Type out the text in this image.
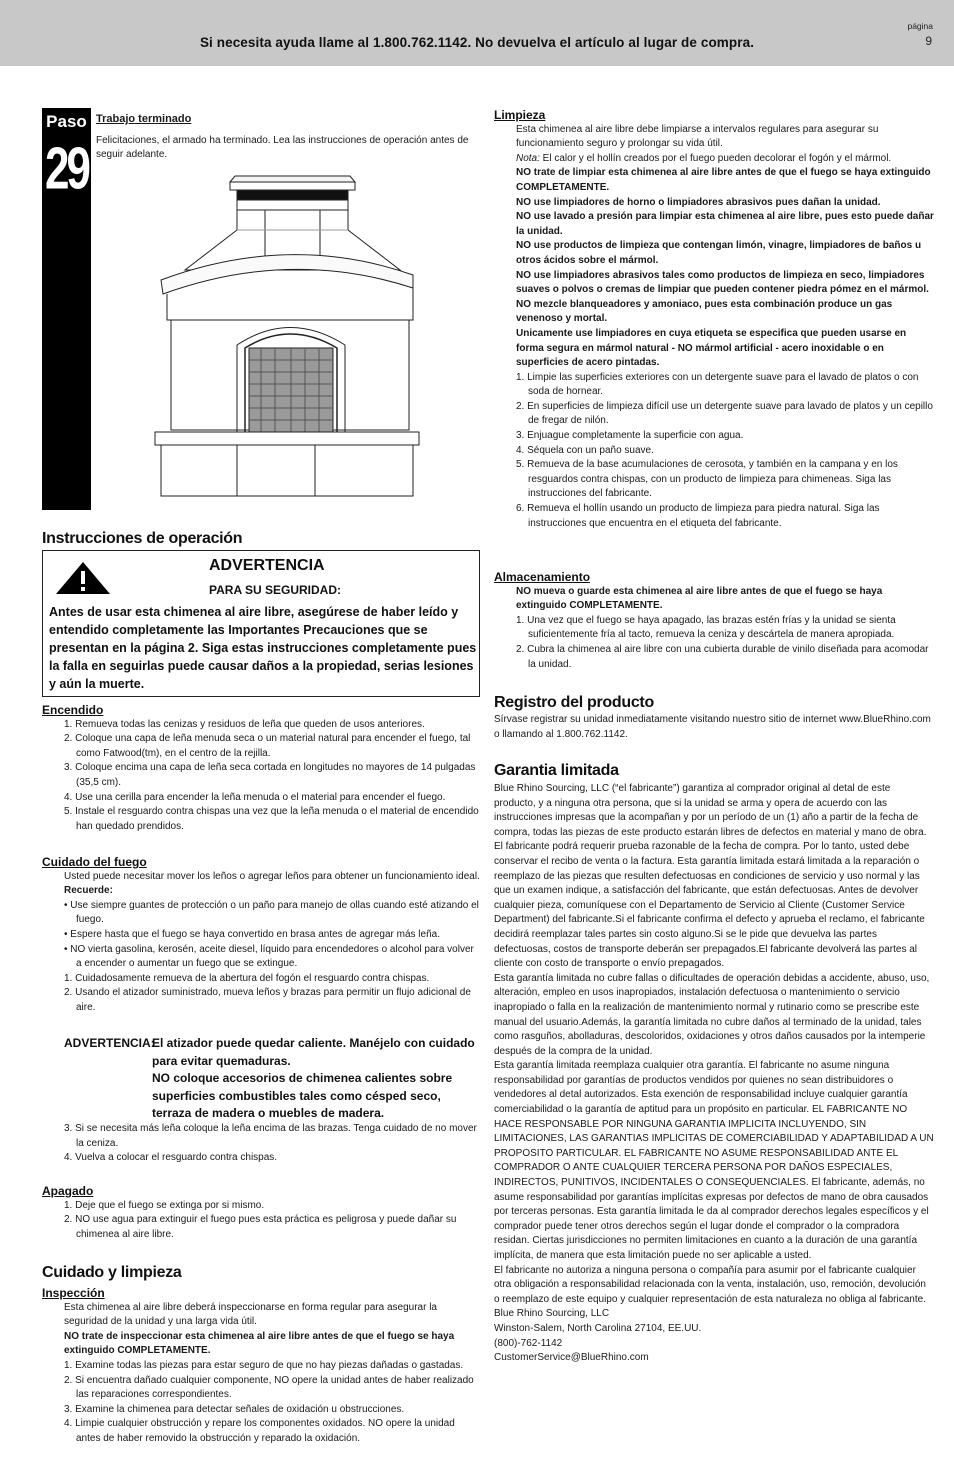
Si necesita ayuda llame al 1.800.762.1142. No devuelva el artículo al lugar de compra.
página
9
Paso
29
Trabajo terminado
Felicitaciones, el armado ha terminado. Lea las instrucciones de operación antes de seguir adelante.
Instrucciones de operación
ADVERTENCIA
PARA SU SEGURIDAD:
Antes de usar esta chimenea al aire libre, asegúrese de haber leído y entendido completamente las Importantes Precauciones que se presentan en la página 2. Siga estas instrucciones completamente pues la falla en seguirlas puede causar daños a la propiedad, serias lesiones y aún la muerte.
Encendido
1. Remueva todas las cenizas y residuos de leña que queden de usos anteriores.
2. Coloque una capa de leña menuda seca o un material natural para encender el fuego, tal como Fatwood(tm), en el centro de la rejilla.
3. Coloque encima una capa de leña seca cortada en longitudes no mayores de 14 pulgadas (35,5 cm).
4. Use una cerilla para encender la leña menuda o el material para encender el fuego.
5. Instale el resguardo contra chispas una vez que la leña menuda o el material de encendido han quedado prendidos.
Cuidado del fuego
Usted puede necesitar mover los leños o agregar leños para obtener un funcionamiento ideal.
Recuerde:
• Use siempre guantes de protección o un paño para manejo de ollas cuando esté atizando el fuego.
• Espere hasta que el fuego se haya convertido en brasa antes de agregar más leña.
• NO vierta gasolina, kerosén, aceite diesel, líquido para encendedores o alcohol para volver a encender o aumentar un fuego que se extingue.
1. Cuidadosamente remueva de la abertura del fogón el resguardo contra chispas.
2. Usando el atizador suministrado, mueva leños y brazas para permitir un flujo adicional de aire.
ADVERTENCIA:
El atizador puede quedar caliente. Manéjelo con cuidado
para evitar quemaduras.
NO coloque accesorios de chimenea calientes sobre
superficies combustibles tales como césped seco,
terraza de madera o muebles de madera.
3. Si se necesita más leña coloque la leña encima de las brazas. Tenga cuidado de no mover la ceniza.
4. Vuelva a colocar el resguardo contra chispas.
Apagado
1. Deje que el fuego se extinga por si mismo.
2. NO use agua para extinguir el fuego pues esta práctica es peligrosa y puede dañar su chimenea al aire libre.
Cuidado y limpieza
Inspección
Esta chimenea al aire libre deberá inspeccionarse en forma regular para asegurar la seguridad de la unidad y una larga vida útil.
NO trate de inspeccionar esta chimenea al aire libre antes de que el fuego se haya extinguido COMPLETAMENTE.
1. Examine todas las piezas para estar seguro de que no hay piezas dañadas o gastadas.
2. Si encuentra dañado cualquier componente, NO opere la unidad antes de haber realizado las reparaciones correspondientes.
3. Examine la chimenea para detectar señales de oxidación u obstrucciones.
4. Limpie cualquier obstrucción y repare los componentes oxidados. NO opere la unidad antes de haber removido la obstrucción y reparado la oxidación.
Limpieza
Esta chimenea al aire libre debe limpiarse a intervalos regulares para asegurar su funcionamiento seguro y prolongar su vida útil.
Nota: El calor y el hollín creados por el fuego pueden decolorar el fogón y el mármol.
NO trate de limpiar esta chimenea al aire libre antes de que el fuego se haya extinguido COMPLETAMENTE.
NO use limpiadores de horno o limpiadores abrasivos pues dañan la unidad.
NO use lavado a presión para limpiar esta chimenea al aire libre, pues esto puede dañar la unidad.
NO use productos de limpieza que contengan limón, vinagre, limpiadores de baños u otros ácidos sobre el mármol.
NO use limpiadores abrasivos tales como productos de limpieza en seco, limpiadores suaves o polvos o cremas de limpiar que pueden contener piedra pómez en el mármol.
NO mezcle blanqueadores y amoniaco, pues esta combinación produce un gas venenoso y mortal.
Unicamente use limpiadores en cuya etiqueta se especifica que pueden usarse en forma segura en mármol natural - NO mármol artificial - acero inoxidable o en superficies de acero pintadas.
1. Limpie las superficies exteriores con un detergente suave para el lavado de platos o con soda de hornear.
2. En superficies de limpieza difícil use un detergente suave para lavado de platos y un cepillo de fregar de nilón.
3. Enjuague completamente la superficie con agua.
4. Séquela con un paño suave.
5. Remueva de la base acumulaciones de cerosota, y también en la campana y en los resguardos contra chispas, con un producto de limpieza para chimeneas. Siga las instrucciones del fabricante.
6. Remueva el hollín usando un producto de limpieza para piedra natural. Siga las instrucciones que encuentra en el etiqueta del fabricante.
Almacenamiento
NO mueva o guarde esta chimenea al aire libre antes de que el fuego se haya extinguido COMPLETAMENTE.
1. Una vez que el fuego se haya apagado, las brazas estén frías y la unidad se sienta suficientemente fría al tacto, remueva la ceniza y descártela de manera apropiada.
2. Cubra la chimenea al aire libre con una cubierta durable de vinilo diseñada para acomodar la unidad.
Registro del producto
Sírvase registrar su unidad inmediatamente visitando nuestro sitio de internet www.BlueRhino.com o llamando al 1.800.762.1142.
Garantia limitada
Blue Rhino Sourcing, LLC (“el fabricante”) garantiza al comprador original al detal de este producto, y a ninguna otra persona, que si la unidad se arma y opera de acuerdo con las instrucciones impresas que la acompañan y por un período de un (1) año a partir de la fecha de compra, todas las piezas de este producto estarán libres de defectos en material y mano de obra. El fabricante podrá requerir prueba razonable de la fecha de compra. Por lo tanto, usted debe conservar el recibo de venta o la factura. Esta garantía limitada estará limitada a la reparación o reemplazo de las piezas que resulten defectuosas en condiciones de servicio y uso normal y las que un examen indique, a satisfacción del fabricante, que están defectuosas. Antes de devolver cualquier pieza, comuníquese con el Departamento de Servicio al Cliente (Customer Service Department) del fabricante.Si el fabricante confirma el defecto y aprueba el reclamo, el fabricante decidirá reemplazar tales partes sin costo alguno.Si se le pide que devuelva las partes defectuosas, costos de transporte deberán ser prepagados.El fabricante devolverá las partes al cliente con costo de transporte o envío prepagados.
Esta garantía limitada no cubre fallas o dificultades de operación debidas a accidente, abuso, uso, alteración, empleo en usos inapropiados, instalación defectuosa o mantenimiento o servicio inapropiado o falla en la realización de mantenimiento normal y rutinario como se prescribe este manual del usuario.Además, la garantía limitada no cubre daños al terminado de la unidad, tales como rasguños, abolladuras, descoloridos, oxidaciones y otros daños causados por la intemperie después de la compra de la unidad.
Esta garantía limitada reemplaza cualquier otra garantía. El fabricante no asume ninguna responsabilidad por garantías de productos vendidos por quienes no sean distribuidores o vendedores al detal autorizados. Esta exención de responsabilidad incluye cualquier garantía comerciabilidad o la garantía de aptitud para un propósito en particular. EL FABRICANTE NO HACE RESPONSABLE POR NINGUNA GARANTIA IMPLICITA INCLUYENDO, SIN LIMITACIONES, LAS GARANTIAS IMPLICITAS DE COMERCIABILIDAD Y ADAPTABILIDAD A UN PROPOSITO PARTICULAR. EL FABRICANTE NO ASUME RESPONSABILIDAD ANTE EL COMPRADOR O ANTE CUALQUIER TERCERA PERSONA POR DAÑOS ESPECIALES, INDIRECTOS, PUNITIVOS, INCIDENTALES O CONSEQUENCIALES. El fabricante, además, no asume responsabilidad por garantías implícitas expresas por defectos de mano de obra causados por terceras personas. Esta garantía limitada le da al comprador derechos legales específicos y el comprador puede tener otros derechos según el lugar donde el comprador o la compradora residan. Ciertas jurisdicciones no permiten limitaciones en cuanto a la duración de una garantía implícita, de manera que esta limitación puede no ser aplicable a usted.
El fabricante no autoriza a ninguna persona o compañía para asumir por el fabricante cualquier otra obligación a responsabilidad relacionada con la venta, instalación, uso, remoción, devolución o reemplazo de este equipo y cualquier representación de esta naturaleza no obliga al fabricante.
Blue Rhino Sourcing, LLC
Winston-Salem, North Carolina 27104, EE.UU.
(800)-762-1142
CustomerService@BlueRhino.com
